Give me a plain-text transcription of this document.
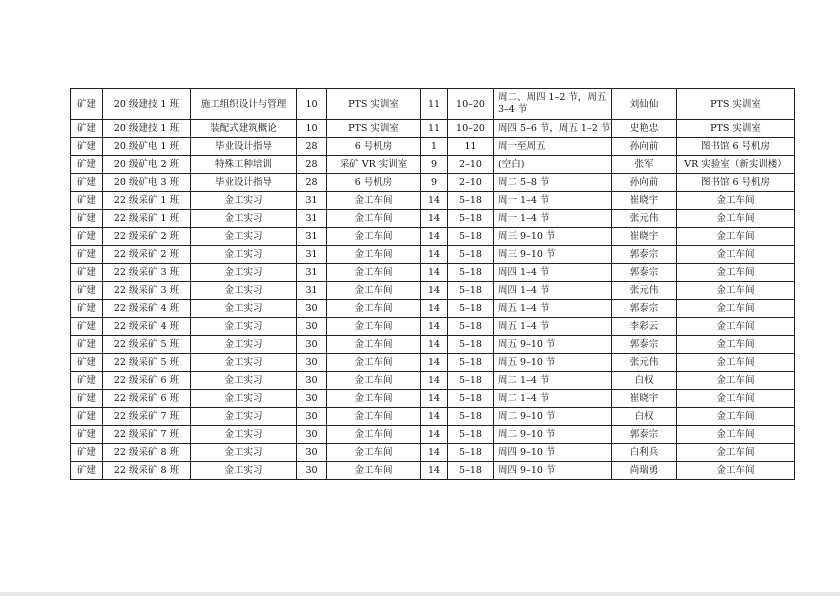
矿建	20 级建技 1 班	施工组织设计与管理	10	PTS 实训室	11	10–20	周二、周四 1–2 节，周五 3–4 节	刘仙仙	PTS 实训室
矿建	20 级建技 1 班	装配式建筑概论	10	PTS 实训室	11	10–20	周四 5–6 节，周五 1–2 节	史艳忠	PTS 实训室
矿建	20 级矿电 1 班	毕业设计指导	28	6 号机房	1	11	周一至周五	孙向前	图书馆 6 号机房
矿建	20 级矿电 2 班	特殊工种培训	28	采矿 VR 实训室	9	2–10	(空白)	张军	VR 实验室（新实训楼）
矿建	20 级矿电 3 班	毕业设计指导	28	6 号机房	9	2–10	周二 5–8 节	孙向前	图书馆 6 号机房
矿建	22 级采矿 1 班	金工实习	31	金工车间	14	5–18	周一 1–4 节	崔晓宇	金工车间
矿建	22 级采矿 1 班	金工实习	31	金工车间	14	5–18	周一 1–4 节	张元伟	金工车间
矿建	22 级采矿 2 班	金工实习	31	金工车间	14	5–18	周三 9–10 节	崔晓宇	金工车间
矿建	22 级采矿 2 班	金工实习	31	金工车间	14	5–18	周三 9–10 节	郭泰宗	金工车间
矿建	22 级采矿 3 班	金工实习	31	金工车间	14	5–18	周四 1–4 节	郭泰宗	金工车间
矿建	22 级采矿 3 班	金工实习	31	金工车间	14	5–18	周四 1–4 节	张元伟	金工车间
矿建	22 级采矿 4 班	金工实习	30	金工车间	14	5–18	周五 1–4 节	郭泰宗	金工车间
矿建	22 级采矿 4 班	金工实习	30	金工车间	14	5–18	周五 1–4 节	李彩云	金工车间
矿建	22 级采矿 5 班	金工实习	30	金工车间	14	5–18	周五 9–10 节	郭泰宗	金工车间
矿建	22 级采矿 5 班	金工实习	30	金工车间	14	5–18	周五 9–10 节	张元伟	金工车间
矿建	22 级采矿 6 班	金工实习	30	金工车间	14	5–18	周二 1–4 节	白权	金工车间
矿建	22 级采矿 6 班	金工实习	30	金工车间	14	5–18	周二 1–4 节	崔晓宇	金工车间
矿建	22 级采矿 7 班	金工实习	30	金工车间	14	5–18	周二 9–10 节	白权	金工车间
矿建	22 级采矿 7 班	金工实习	30	金工车间	14	5–18	周二 9–10 节	郭泰宗	金工车间
矿建	22 级采矿 8 班	金工实习	30	金工车间	14	5–18	周四 9–10 节	白利兵	金工车间
矿建	22 级采矿 8 班	金工实习	30	金工车间	14	5–18	周四 9–10 节	尚瑞勇	金工车间
